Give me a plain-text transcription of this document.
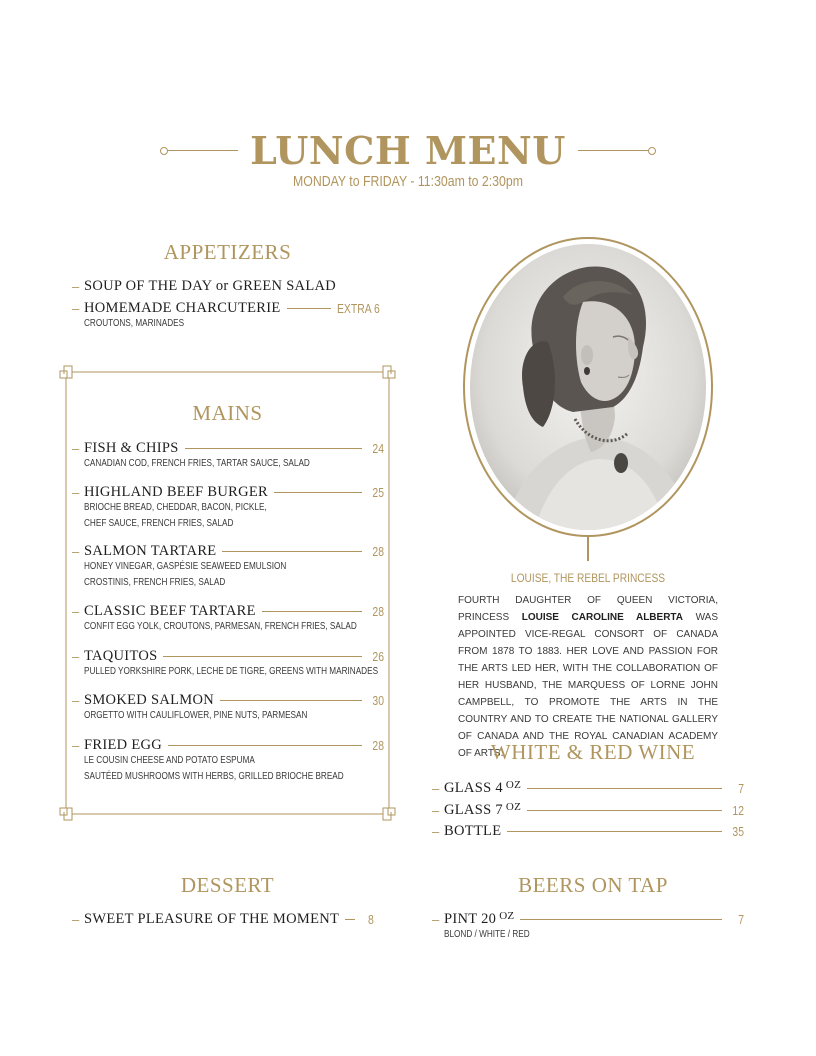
LUNCH MENU
MONDAY to FRIDAY - 11:30am to 2:30pm
APPETIZERS
– SOUP OF THE DAY or GREEN SALAD
– HOMEMADE CHARCUTERIE	EXTRA 6
CROUTONS, MARINADES
MAINS
– FISH & CHIPS	24
CANADIAN COD, FRENCH FRIES, TARTAR SAUCE, SALAD
– HIGHLAND BEEF BURGER	25
BRIOCHE BREAD, CHEDDAR, BACON, PICKLE,
CHEF SAUCE, FRENCH FRIES, SALAD
– SALMON TARTARE	28
HONEY VINEGAR, GASPÉSIE SEAWEED EMULSION
CROSTINIS, FRENCH FRIES, SALAD
– CLASSIC BEEF TARTARE	28
CONFIT EGG YOLK, CROUTONS, PARMESAN, FRENCH FRIES, SALAD
– TAQUITOS	26
PULLED YORKSHIRE PORK, LECHE DE TIGRE, GREENS WITH MARINADES
– SMOKED SALMON	30
ORGETTO WITH CAULIFLOWER, PINE NUTS, PARMESAN
– FRIED EGG	28
LE COUSIN CHEESE AND POTATO ESPUMA
SAUTÉED MUSHROOMS WITH HERBS, GRILLED BRIOCHE BREAD
DESSERT
– SWEET PLEASURE OF THE MOMENT	8
LOUISE, THE REBEL PRINCESS
FOURTH DAUGHTER OF QUEEN VICTORIA, PRINCESS LOUISE CAROLINE ALBERTA WAS APPOINTED VICE-REGAL CONSORT OF CANADA FROM 1878 TO 1883. HER LOVE AND PASSION FOR THE ARTS LED HER, WITH THE COLLABORATION OF HER HUSBAND, THE MARQUESS OF LORNE JOHN CAMPBELL, TO PROMOTE THE ARTS IN THE COUNTRY AND TO CREATE THE NATIONAL GALLERY OF CANADA AND THE ROYAL CANADIAN ACADEMY OF ARTS.
WHITE & RED WINE
– GLASS 4 $^{OZ}$	7
– GLASS 7 $^{OZ}$	12
– BOTTLE	35
BEERS ON TAP
– PINT 20 $^{OZ}$	7
BLOND / WHITE / RED
